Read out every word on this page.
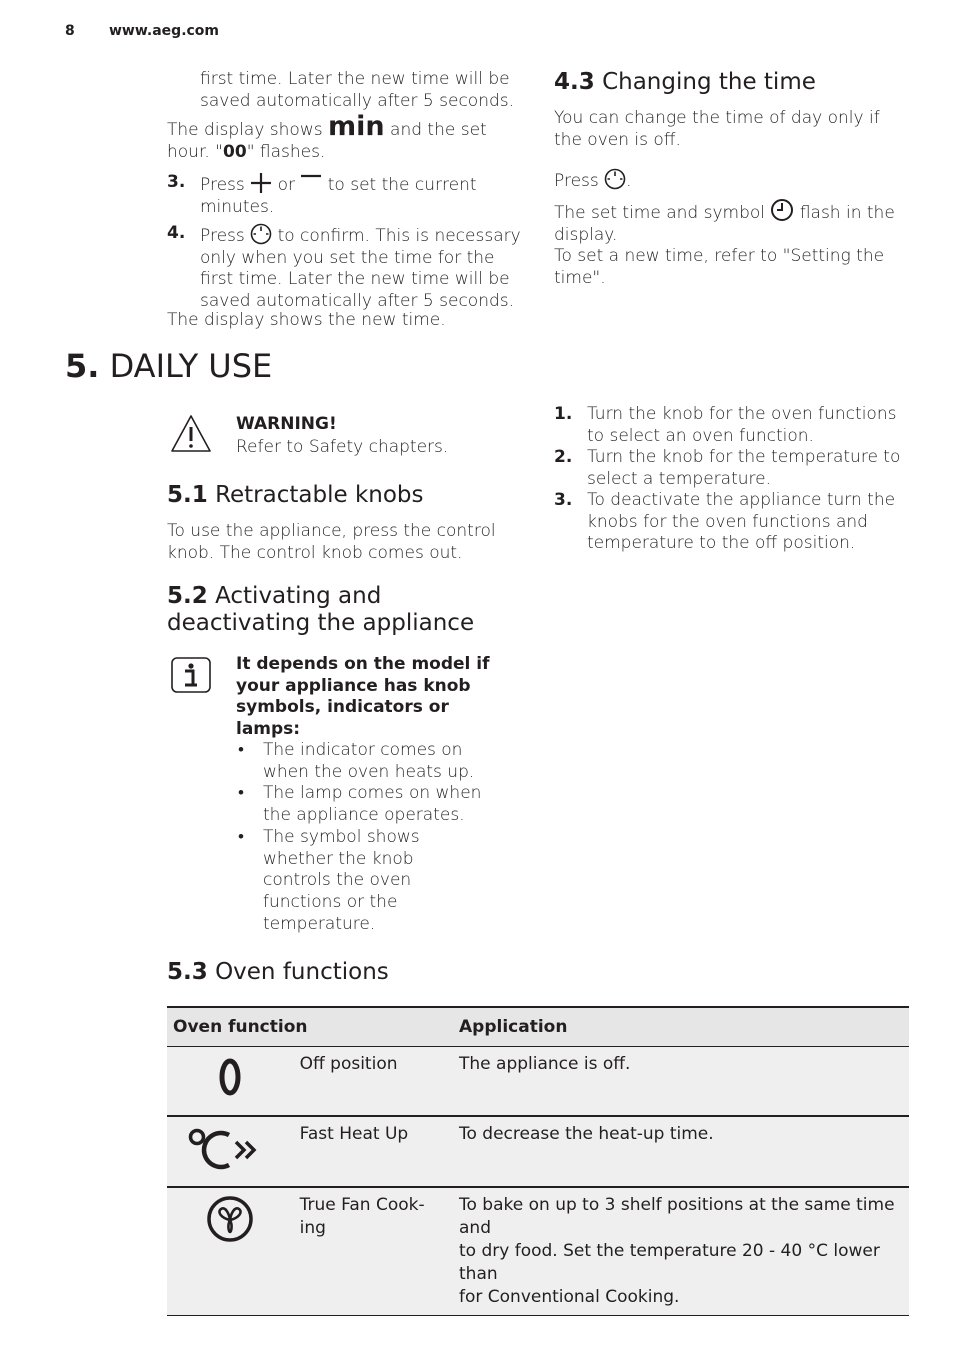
8 www.aeg.com
first time. Later the new time will be
saved automatically after 5 seconds.
The display shows min and the set
hour. "00" flashes.
3. Press or to set the current
minutes.
4. Press to confirm. This is necessary
only when you set the time for the
first time. Later the new time will be
saved automatically after 5 seconds.
The display shows the new time.
4.3 Changing the time
You can change the time of day only if
the oven is off.
Press .
The set time and symbol flash in the
display.
To set a new time, refer to "Setting the
time".
5. DAILY USE
WARNING!
Refer to Safety chapters.
5.1 Retractable knobs
To use the appliance, press the control
knob. The control knob comes out.
5.2 Activating and
deactivating the appliance
It depends on the model if
your appliance has knob
symbols, indicators or
lamps:
• The indicator comes on
when the oven heats up.
• The lamp comes on when
the appliance operates.
• The symbol shows
whether the knob
controls the oven
functions or the
temperature.
1. Turn the knob for the oven functions
to select an oven function.
2. Turn the knob for the temperature to
select a temperature.
3. To deactivate the appliance turn the
knobs for the oven functions and
temperature to the off position.
5.3 Oven functions
Oven function		Application
	Off position	The appliance is off.
	Fast Heat Up	To decrease the heat-up time.
	True Fan Cook-
ing	To bake on up to 3 shelf positions at the same time and
to dry food. Set the temperature 20 - 40 °C lower than
for Conventional Cooking.
